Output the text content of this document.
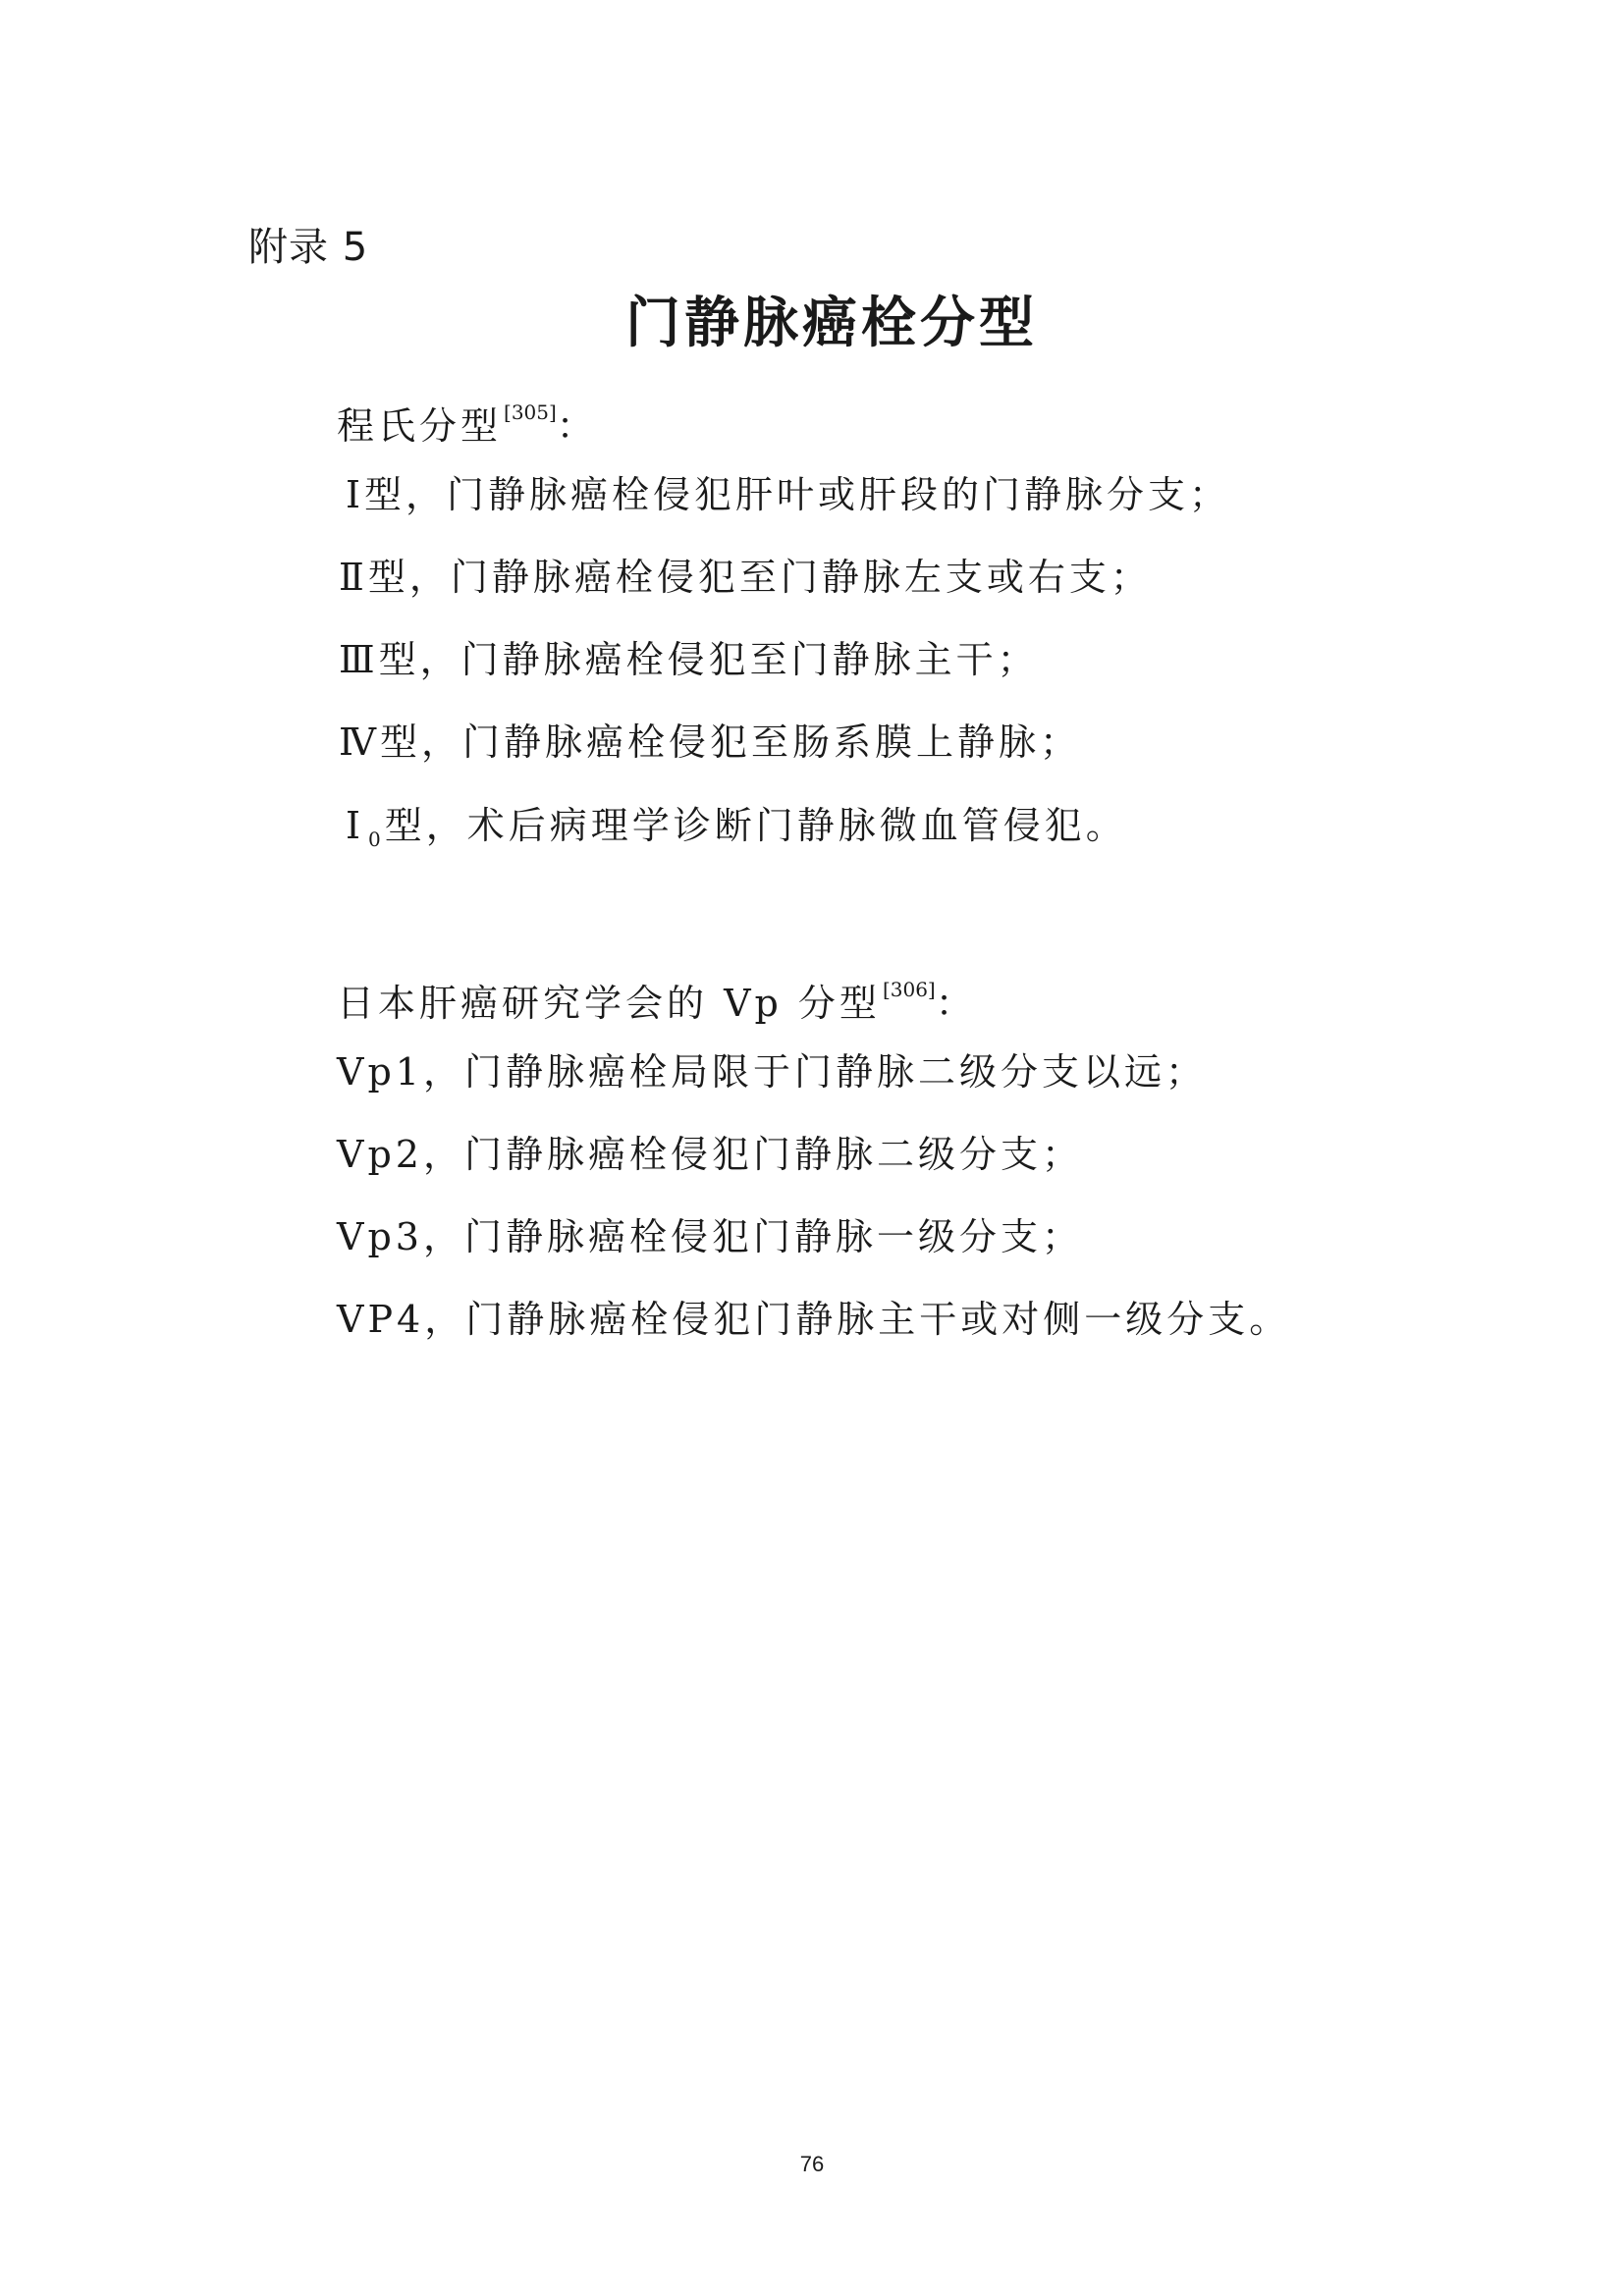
附录 5
门静脉癌栓分型
程氏分型 [305]：
Ⅰ型，门静脉癌栓侵犯肝叶或肝段的门静脉分支；
Ⅱ型，门静脉癌栓侵犯至门静脉左支或右支；
Ⅲ型，门静脉癌栓侵犯至门静脉主干；
Ⅳ型，门静脉癌栓侵犯至肠系膜上静脉；
Ⅰ $_0$ 型，术后病理学诊断门静脉微血管侵犯。
日本肝癌研究学会的 Vp 分型 [306]：
Vp1，门静脉癌栓局限于门静脉二级分支以远；
Vp2，门静脉癌栓侵犯门静脉二级分支；
Vp3，门静脉癌栓侵犯门静脉一级分支；
VP4，门静脉癌栓侵犯门静脉主干或对侧一级分支。
76
